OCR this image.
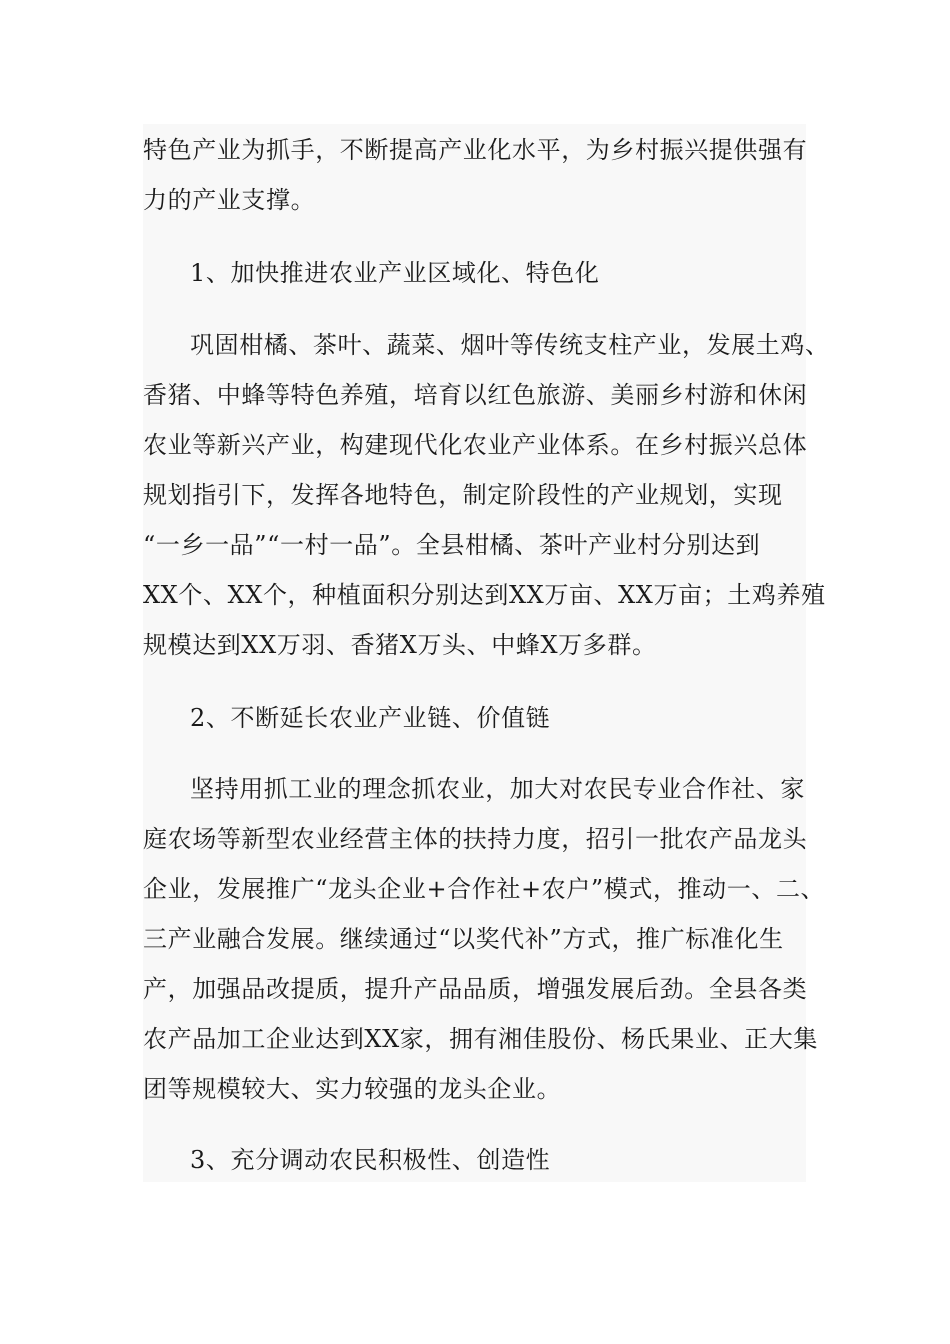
特色产业为抓手，不断提高产业化水平，为乡村振兴提供强有
力的产业支撑。
1、加快推进农业产业区域化、特色化
巩固柑橘、茶叶、蔬菜、烟叶等传统支柱产业，发展土鸡、
香猪、中蜂等特色养殖，培育以红色旅游、美丽乡村游和休闲
农业等新兴产业，构建现代化农业产业体系。在乡村振兴总体
规划指引下，发挥各地特色，制定阶段性的产业规划，实现
“一乡一品”“一村一品”。全县柑橘、茶叶产业村分别达到
XX个、XX个，种植面积分别达到XX万亩、XX万亩；土鸡养殖
规模达到XX万羽、香猪X万头、中蜂X万多群。
2、不断延长农业产业链、价值链
坚持用抓工业的理念抓农业，加大对农民专业合作社、家
庭农场等新型农业经营主体的扶持力度，招引一批农产品龙头
企业，发展推广“龙头企业+合作社+农户”模式，推动一、二、
三产业融合发展。继续通过“以奖代补”方式，推广标准化生
产，加强品改提质，提升产品品质，增强发展后劲。全县各类
农产品加工企业达到XX家，拥有湘佳股份、杨氏果业、正大集
团等规模较大、实力较强的龙头企业。
3、充分调动农民积极性、创造性
